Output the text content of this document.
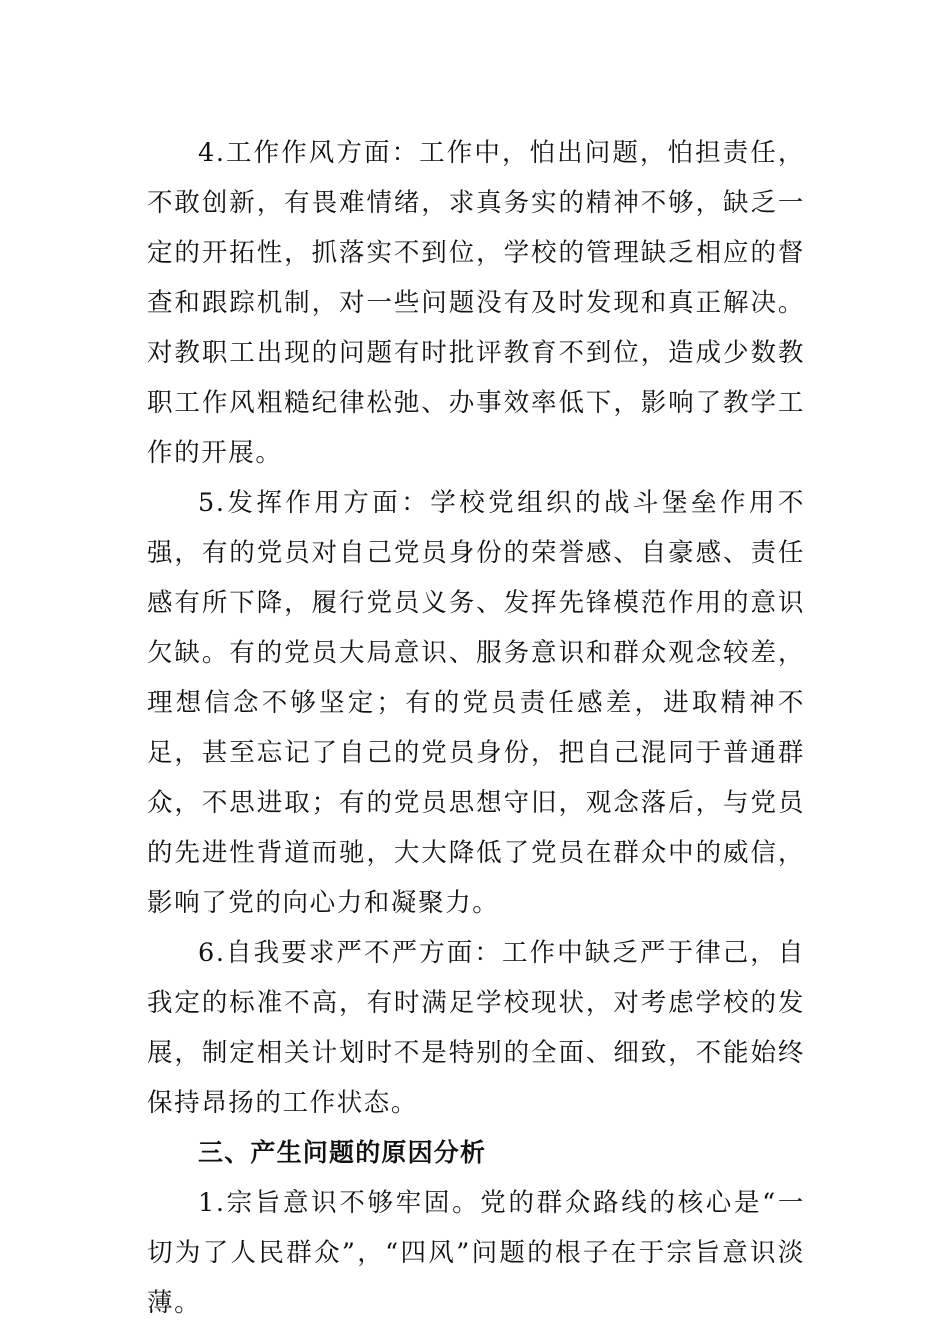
4.工作作风方面：工作中，怕出问题，怕担责任，不敢创新，有畏难情绪，求真务实的精神不够，缺乏一定的开拓性，抓落实不到位，学校的管理缺乏相应的督查和跟踪机制，对一些问题没有及时发现和真正解决。对教职工出现的问题有时批评教育不到位，造成少数教职工作风粗糙纪律松弛、办事效率低下，影响了教学工作的开展。

5.发挥作用方面：学校党组织的战斗堡垒作用不强，有的党员对自己党员身份的荣誉感、自豪感、责任感有所下降，履行党员义务、发挥先锋模范作用的意识欠缺。有的党员大局意识、服务意识和群众观念较差，理想信念不够坚定；有的党员责任感差，进取精神不足，甚至忘记了自己的党员身份，把自己混同于普通群众，不思进取；有的党员思想守旧，观念落后，与党员的先进性背道而驰，大大降低了党员在群众中的威信，影响了党的向心力和凝聚力。

6.自我要求严不严方面：工作中缺乏严于律己，自我定的标准不高，有时满足学校现状，对考虑学校的发展，制定相关计划时不是特别的全面、细致，不能始终保持昂扬的工作状态。

三、产生问题的原因分析

1.宗旨意识不够牢固。党的群众路线的核心是“一切为了人民群众”，“四风”问题的根子在于宗旨意识淡薄。
